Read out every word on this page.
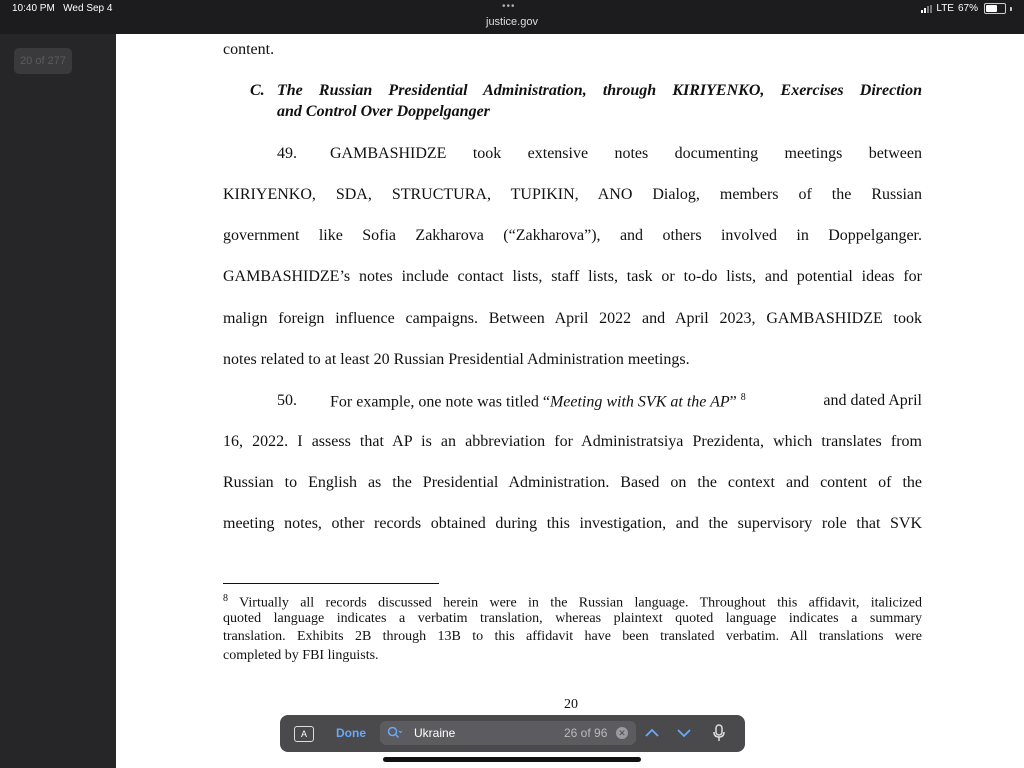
10:40 PM Wed Sep 4	•••
justice.gov
LTE 67%
20 of 277
content.
C. The Russian Presidential Administration, through KIRIYENKO, Exercises Direction
and Control Over Doppelganger
49. GAMBASHIDZE took extensive notes documenting meetings between
KIRIYENKO, SDA, STRUCTURA, TUPIKIN, ANO Dialog, members of the Russian
government like Sofia Zakharova (“Zakharova”), and others involved in Doppelganger.
GAMBASHIDZE’s notes include contact lists, staff lists, task or to-do lists, and potential ideas for
malign foreign influence campaigns. Between April 2022 and April 2023, GAMBASHIDZE took
notes related to at least 20 Russian Presidential Administration meetings.
50. For example, one note was titled “Meeting with SVK at the AP” $^8$	and dated April
16, 2022. I assess that AP is an abbreviation for Administratsiya Prezidenta, which translates from
Russian to English as the Presidential Administration. Based on the context and content of the
meeting notes, other records obtained during this investigation, and the supervisory role that SVK
$^8$ Virtually all records discussed herein were in the Russian language. Throughout this affidavit, italicized
quoted language indicates a verbatim translation, whereas plaintext quoted language indicates a summary
translation. Exhibits 2B through 13B to this affidavit have been translated verbatim. All translations were
completed by FBI linguists.
20
A	Done	Ukraine	26 of 96 ✕
